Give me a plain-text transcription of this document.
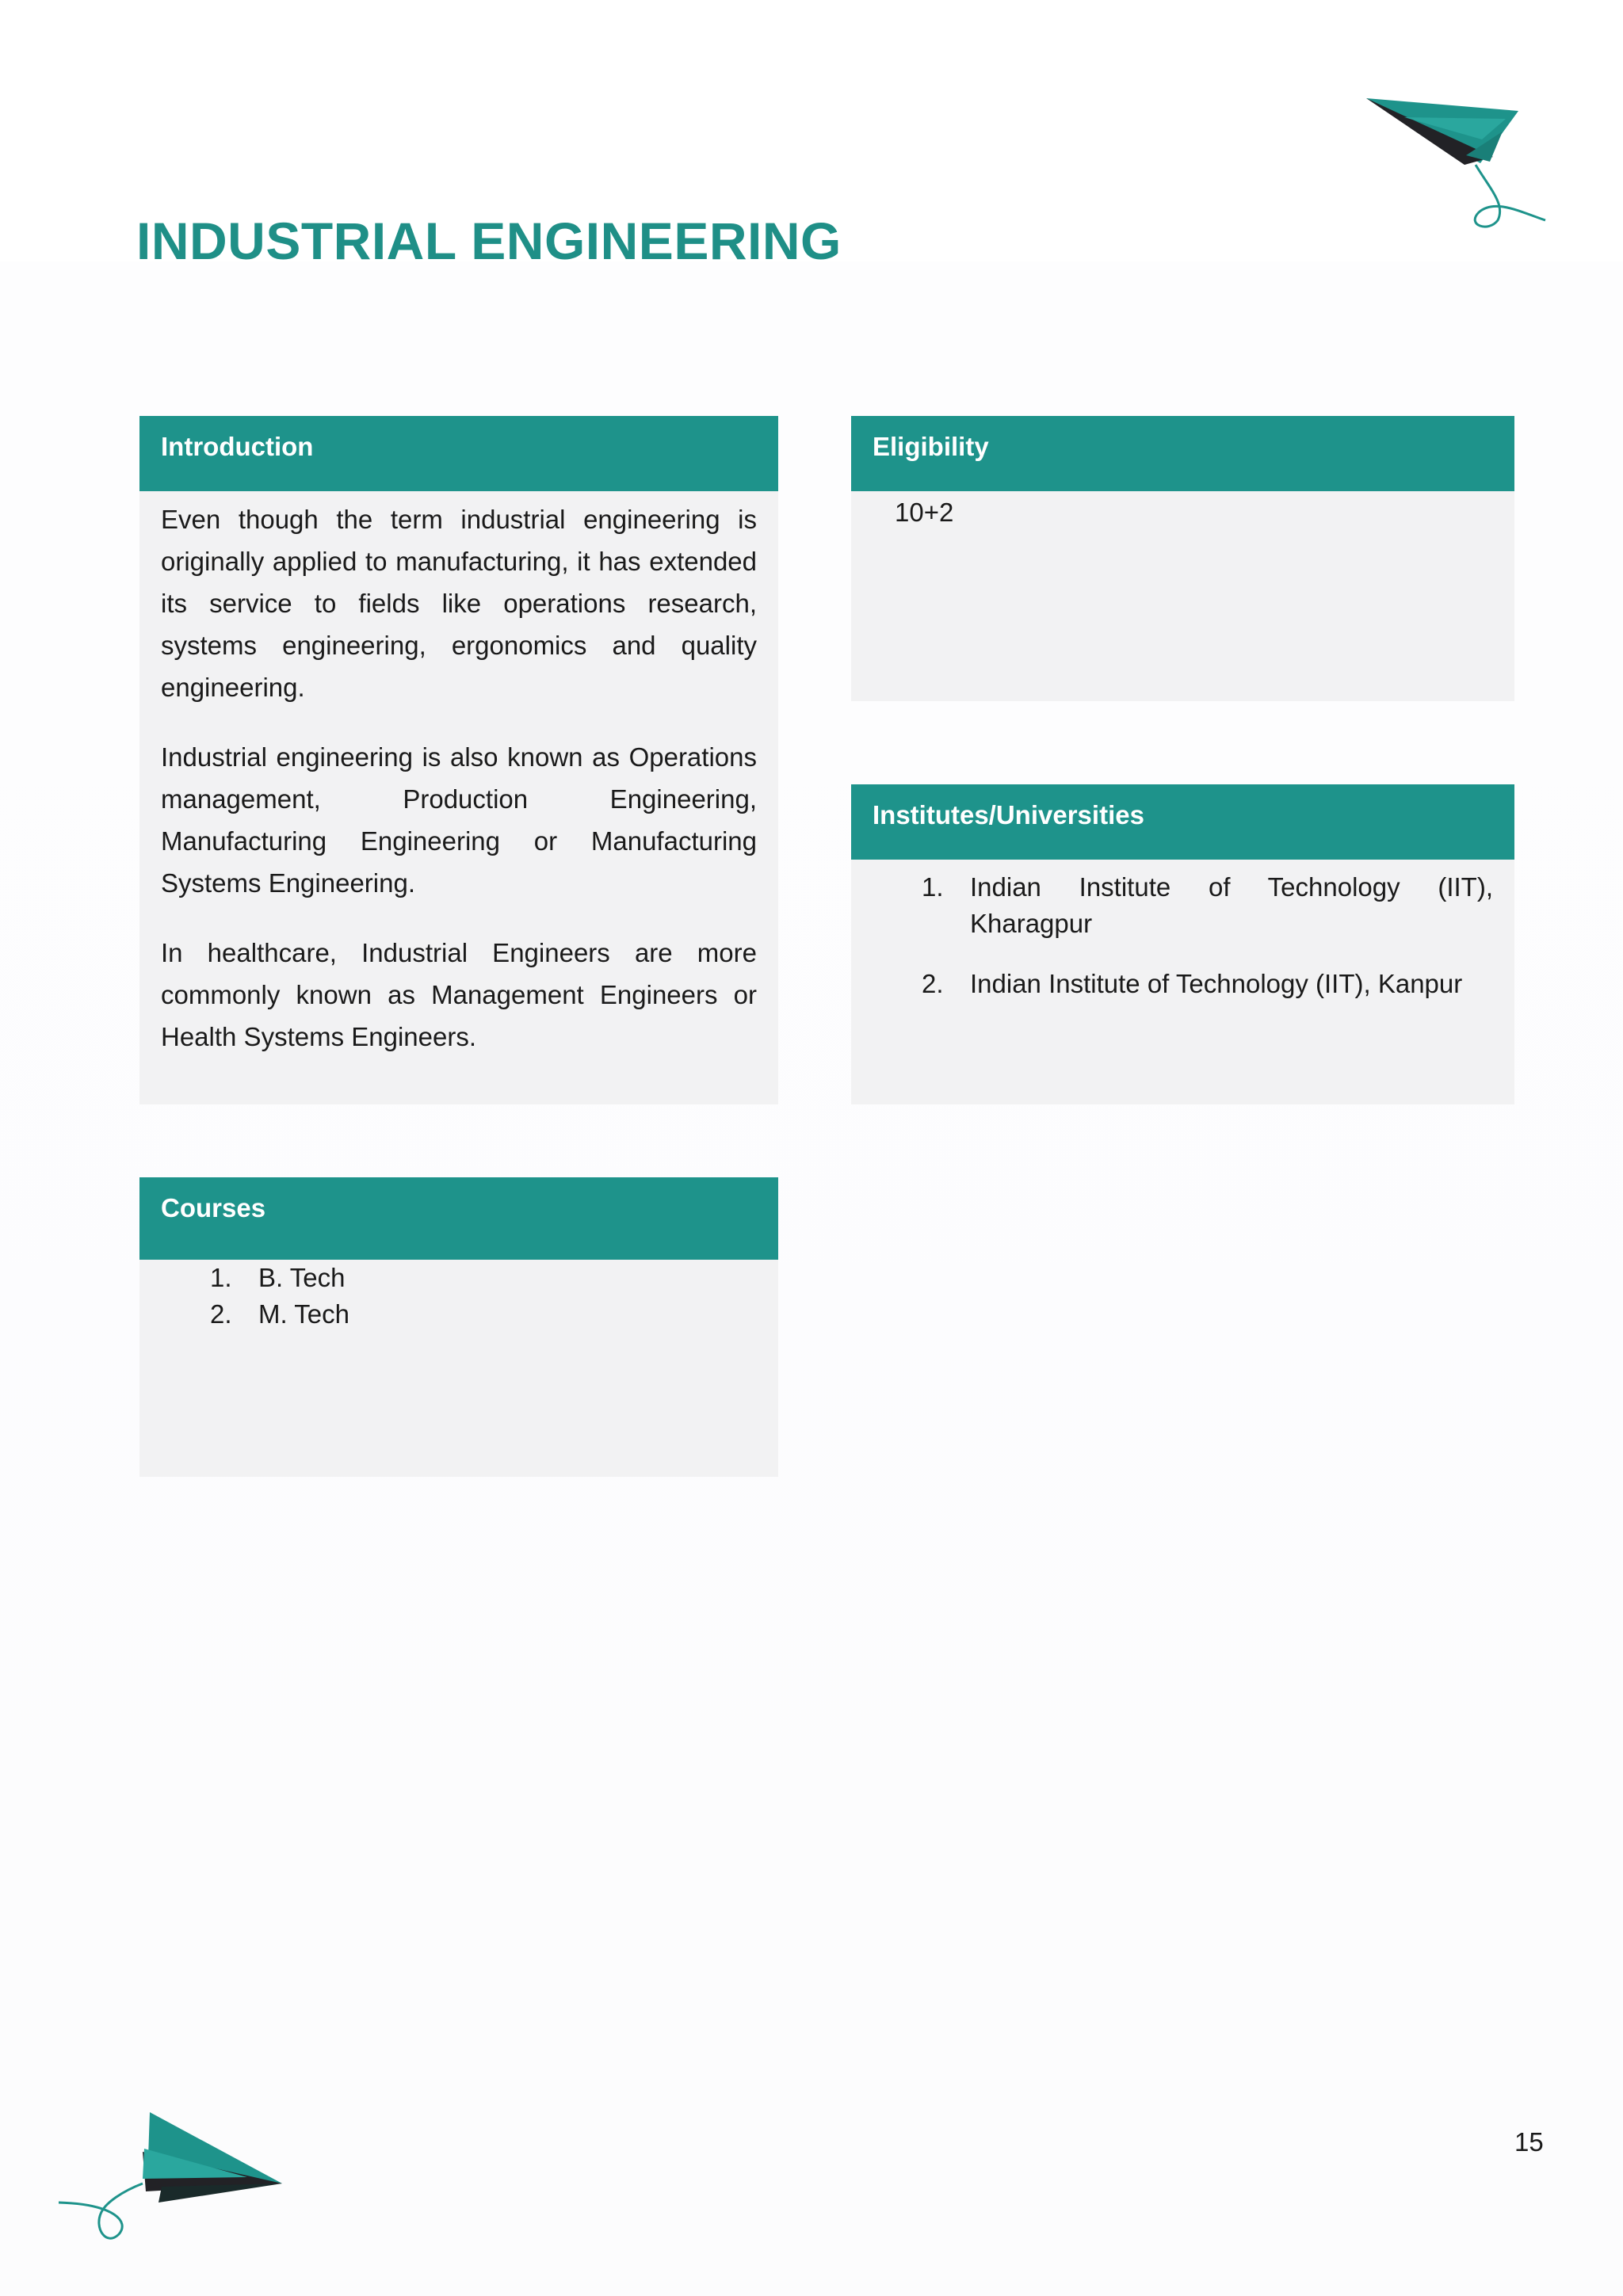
INDUSTRIAL ENGINEERING
Introduction

Even though the term industrial engineering is originally applied to manufacturing, it has extended its service to fields like operations research, systems engineering, ergonomics and quality engineering.

Industrial engineering is also known as Operations management, Production Engineering, Manufacturing Engineering or Manufacturing Systems Engineering.

In healthcare, Industrial Engineers are more commonly known as Management Engineers or Health Systems Engineers.

Eligibility
10+2
Institutes/Universities
1.	Indian Institute of Technology (IIT), Kharagpur
2.	Indian Institute of Technology (IIT), Kanpur
Courses
1.	B. Tech
2.	M. Tech
15
